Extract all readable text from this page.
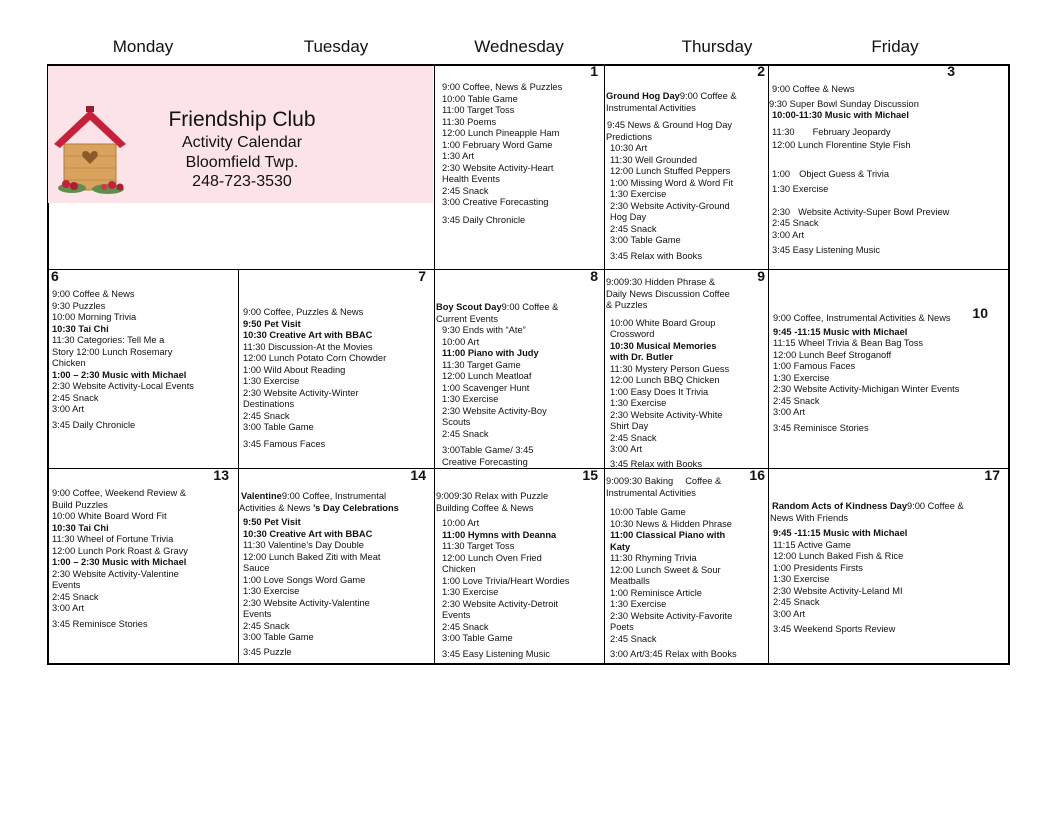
Monday	Tuesday	Wednesday	Thursday	Friday
Friendship Club
Activity Calendar
Bloomfield Twp.
248-723-3530
1
9:00 Coffee, News & Puzzles
10:00 Table Game
11:00 Target Toss
11:30 Poems
12:00 Lunch Pineapple Ham
1:00 February Word Game
1:30 Art
2:30 Website Activity-Heart
Health Events
2:45 Snack
3:00 Creative Forecasting
3:45 Daily Chronicle
2
Ground Hog Day9:00 Coffee &
Instrumental Activities
9:45 News & Ground Hog Day
Predictions
10:30 Art
11:30 Well Grounded
12:00 Lunch Stuffed Peppers
1:00 Missing Word & Word Fit
1:30 Exercise
2:30 Website Activity-Ground
Hog Day
2:45 Snack
3:00 Table Game
3:45 Relax with Books
3
9:00 Coffee & News
9:30 Super Bowl Sunday Discussion
10:00-11:30 Music with Michael
11:30 February Jeopardy
12:00 Lunch Florentine Style Fish
1:00 Object Guess & Trivia
1:30 Exercise
2:30 Website Activity-Super Bowl Preview
2:45 Snack
3:00 Art
3:45 Easy Listening Music
6
9:00 Coffee & News
9:30 Puzzles
10:00 Morning Trivia
10:30 Tai Chi
11:30 Categories: Tell Me a
Story 12:00 Lunch Rosemary
Chicken
1:00 – 2:30 Music with Michael
2:30 Website Activity-Local Events
2:45 Snack
3:00 Art
3:45 Daily Chronicle
7
9:00 Coffee, Puzzles & News
9:50 Pet Visit
10:30 Creative Art with BBAC
11:30 Discussion-At the Movies
12:00 Lunch Potato Corn Chowder
1:00 Wild About Reading
1:30 Exercise
2:30 Website Activity-Winter
Destinations
2:45 Snack
3:00 Table Game
3:45 Famous Faces
8
Boy Scout Day9:00 Coffee &
Current Events
9:30 Ends with “Ate”
10:00 Art
11:00 Piano with Judy
11:30 Target Game
12:00 Lunch Meatloaf
1:00 Scavenger Hunt
1:30 Exercise
2:30 Website Activity-Boy
Scouts
2:45 Snack
3:00Table Game/ 3:45
Creative Forecasting
9
9:009:30 Hidden Phrase &
Daily News Discussion Coffee
& Puzzles
10:00 White Board Group
Crossword
10:30 Musical Memories
with Dr. Butler
11:30 Mystery Person Guess
12:00 Lunch BBQ Chicken
1:00 Easy Does It Trivia
1:30 Exercise
2:30 Website Activity-White
Shirt Day
2:45 Snack
3:00 Art
3:45 Relax with Books
10
9:00 Coffee, Instrumental Activities & News
9:45 -11:15 Music with Michael
11:15 Wheel Trivia & Bean Bag Toss
12:00 Lunch Beef Stroganoff
1:00 Famous Faces
1:30 Exercise
2:30 Website Activity-Michigan Winter Events
2:45 Snack
3:00 Art
3:45 Reminisce Stories
13
9:00 Coffee, Weekend Review &
Build Puzzles
10:00 White Board Word Fit
10:30 Tai Chi
11:30 Wheel of Fortune Trivia
12:00 Lunch Pork Roast & Gravy
1:00 – 2:30 Music with Michael
2:30 Website Activity-Valentine
Events
2:45 Snack
3:00 Art
3:45 Reminisce Stories
14
Valentine9:00 Coffee, Instrumental
Activities & News ’s Day Celebrations
9:50 Pet Visit
10:30 Creative Art with BBAC
11:30 Valentine’s Day Double
12:00 Lunch Baked Ziti with Meat
Sauce
1:00 Love Songs Word Game
1:30 Exercise
2:30 Website Activity-Valentine
Events
2:45 Snack
3:00 Table Game
3:45 Puzzle
15
9:009:30 Relax with Puzzle
Building Coffee & News
10:00 Art
11:00 Hymns with Deanna
11:30 Target Toss
12:00 Lunch Oven Fried
Chicken
1:00 Love Trivia/Heart Wordies
1:30 Exercise
2:30 Website Activity-Detroit
Events
2:45 Snack
3:00 Table Game
3:45 Easy Listening Music
16
9:009:30 Baking Coffee &
Instrumental Activities
10:00 Table Game
10:30 News & Hidden Phrase
11:00 Classical Piano with
Katy
11:30 Rhyming Trivia
12:00 Lunch Sweet & Sour
Meatballs
1:00 Reminisce Article
1:30 Exercise
2:30 Website Activity-Favorite
Poets
2:45 Snack
3:00 Art/3:45 Relax with Books
17
Random Acts of Kindness Day9:00 Coffee &
News With Friends
9:45 -11:15 Music with Michael
11:15 Active Game
12:00 Lunch Baked Fish & Rice
1:00 Presidents Firsts
1:30 Exercise
2:30 Website Activity-Leland MI
2:45 Snack
3:00 Art
3:45 Weekend Sports Review
